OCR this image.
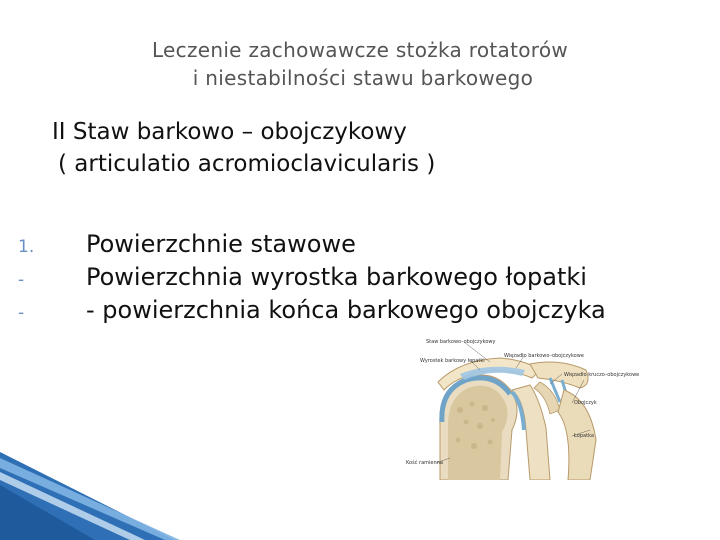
Leczenie zachowawcze stożka rotatorów
i niestabilności stawu barkowego
II Staw barkowo – obojczykowy
( articulatio acromioclavicularis )
1. Powierzchnie stawowe
-	Powierzchnia wyrostka barkowego łopatki
-	- powierzchnia końca barkowego obojczyka
Staw barkowo–obojczykowy
Wyrostek barkowy łopatki
Więzadło barkowo–obojczykowe
Więzadło kruczo–obojczykowe
Obojczyk
Łopatka
Kość ramienna
